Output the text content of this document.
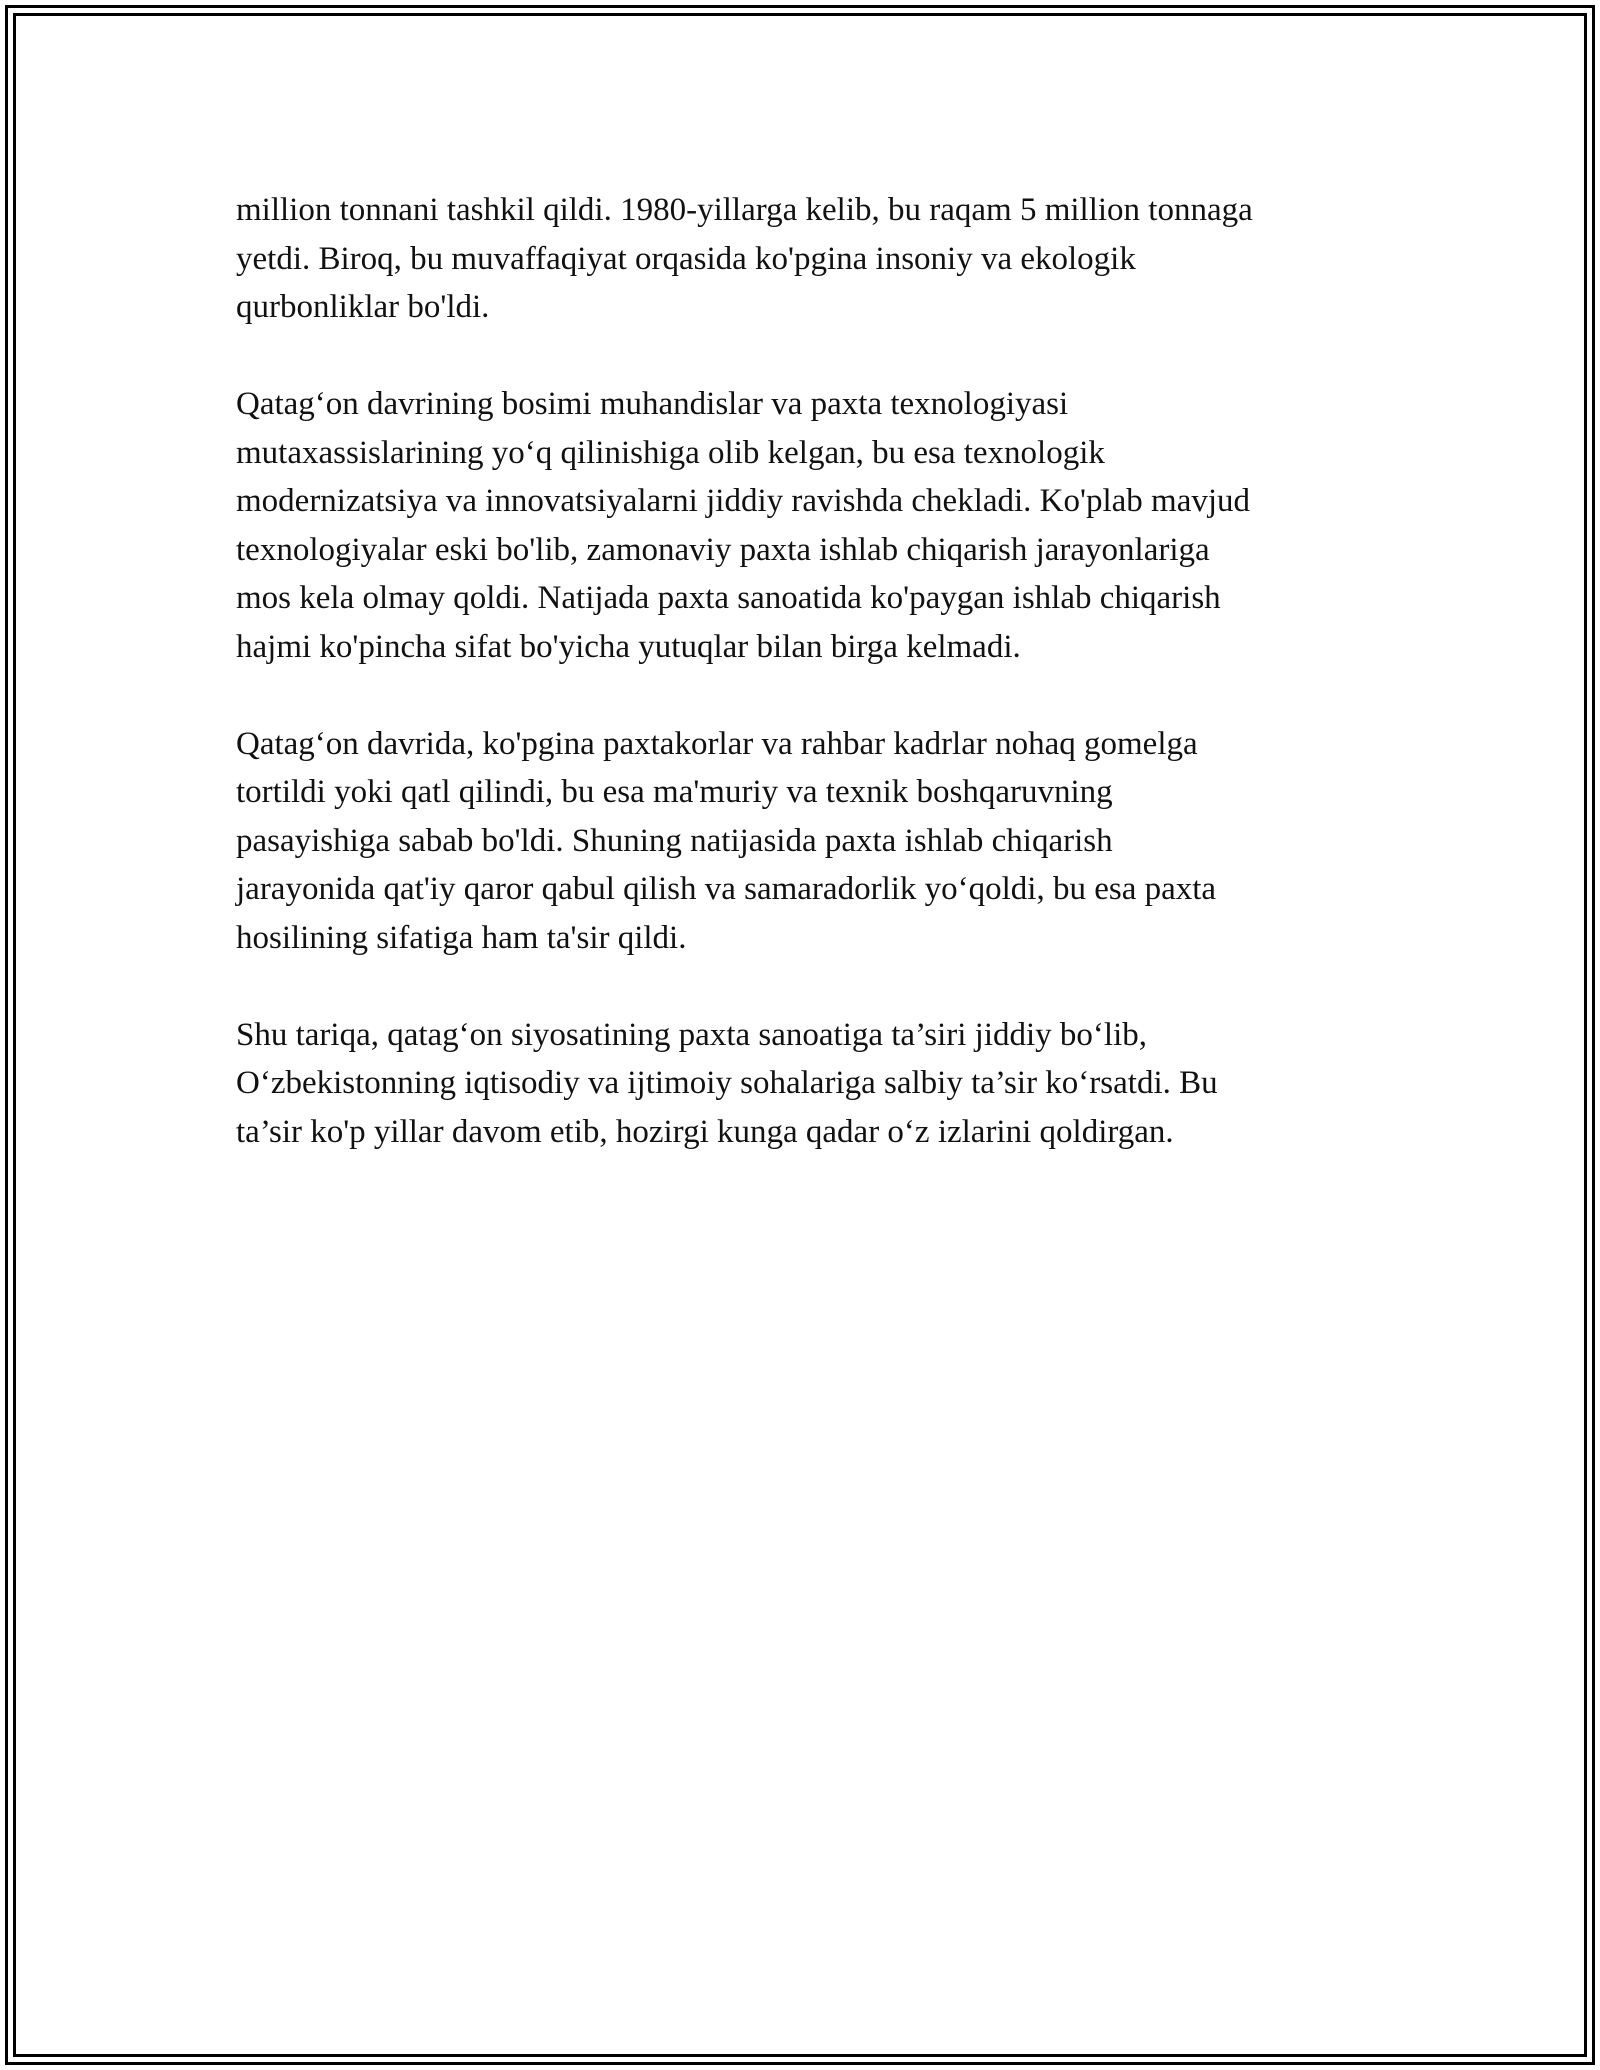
million tonnani tashkil qildi. 1980-yillarga kelib, bu raqam 5 million tonnaga
yetdi. Biroq, bu muvaffaqiyat orqasida ko'pgina insoniy va ekologik
qurbonliklar bo'ldi.

Qatag‘on davrining bosimi muhandislar va paxta texnologiyasi
mutaxassislarining yo‘q qilinishiga olib kelgan, bu esa texnologik
modernizatsiya va innovatsiyalarni jiddiy ravishda chekladi. Ko'plab mavjud
texnologiyalar eski bo'lib, zamonaviy paxta ishlab chiqarish jarayonlariga
mos kela olmay qoldi. Natijada paxta sanoatida ko'paygan ishlab chiqarish
hajmi ko'pincha sifat bo'yicha yutuqlar bilan birga kelmadi.

Qatag‘on davrida, ko'pgina paxtakorlar va rahbar kadrlar nohaq gomelga
tortildi yoki qatl qilindi, bu esa ma'muriy va texnik boshqaruvning
pasayishiga sabab bo'ldi. Shuning natijasida paxta ishlab chiqarish
jarayonida qat'iy qaror qabul qilish va samaradorlik yo‘qoldi, bu esa paxta
hosilining sifatiga ham ta'sir qildi.

Shu tariqa, qatag‘on siyosatining paxta sanoatiga ta’siri jiddiy bo‘lib,
O‘zbekistonning iqtisodiy va ijtimoiy sohalariga salbiy ta’sir ko‘rsatdi. Bu
ta’sir ko'p yillar davom etib, hozirgi kunga qadar o‘z izlarini qoldirgan.
